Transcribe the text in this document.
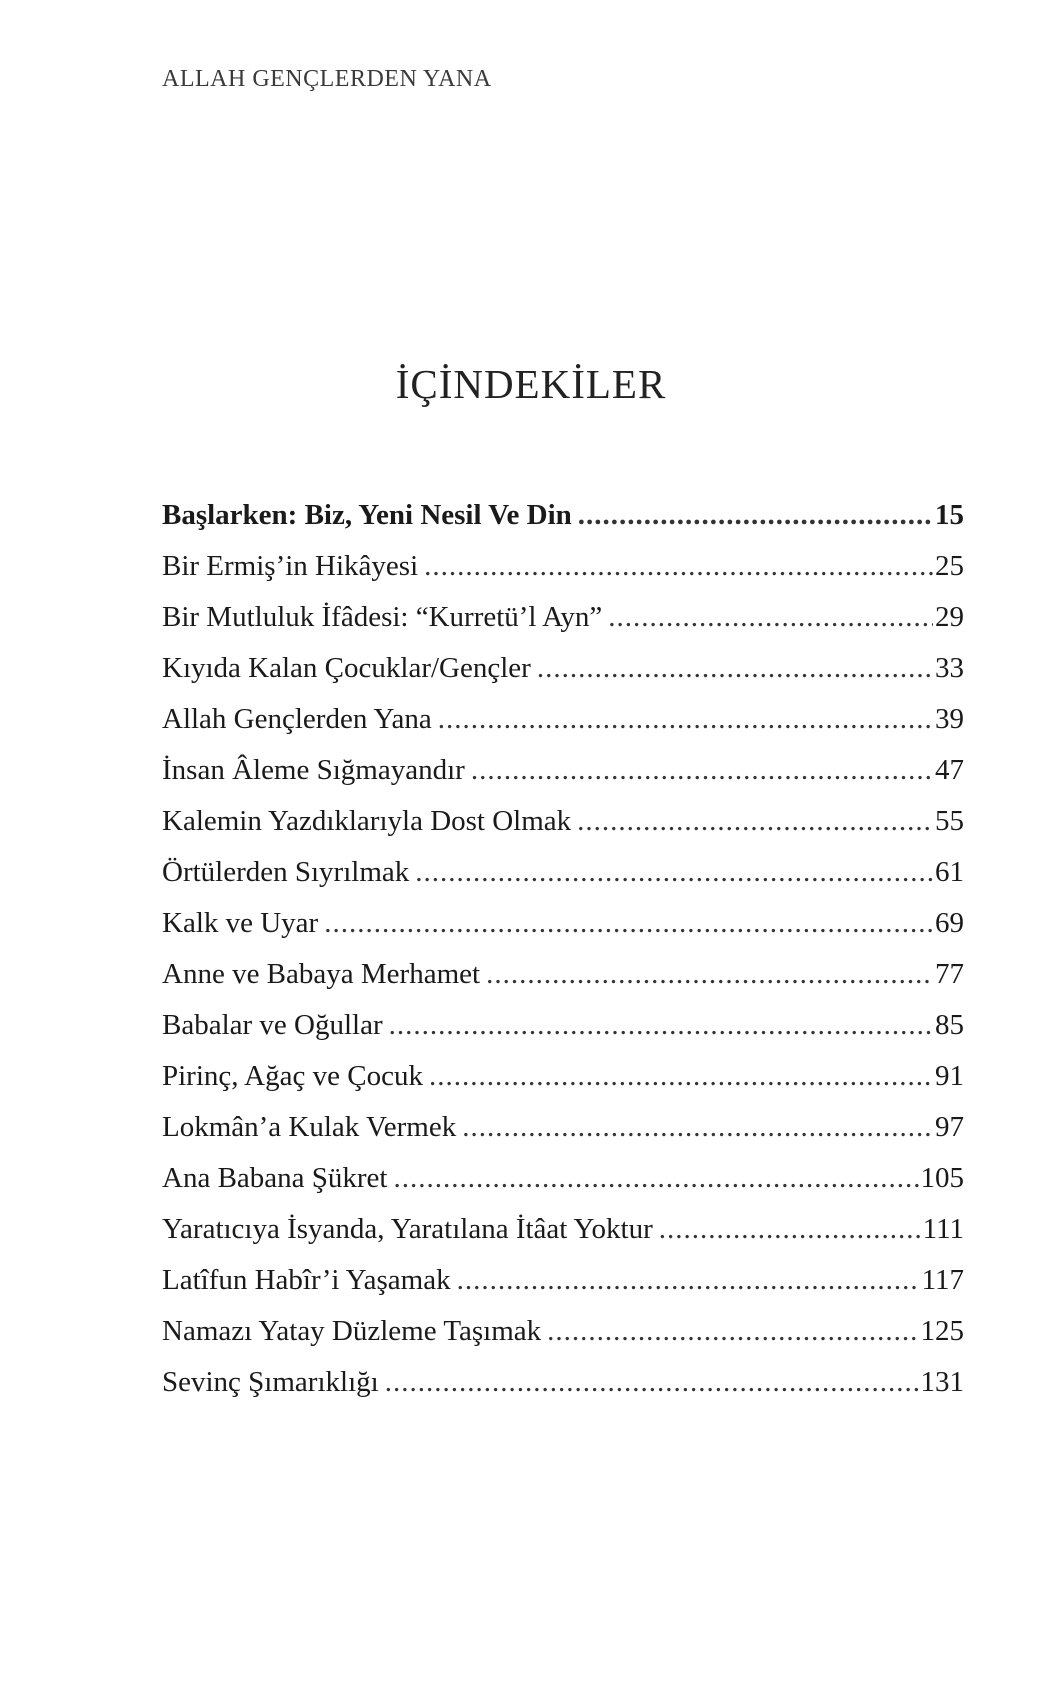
ALLAH GENÇLERDEN YANA
İÇİNDEKİLER
Başlarken: Biz, Yeni Nesil Ve Din .....	15
Bir Ermiş’in Hikâyesi .....	25
Bir Mutluluk İfâdesi: “Kurretü’l Ayn” .....	29
Kıyıda Kalan Çocuklar/Gençler .....	33
Allah Gençlerden Yana .....	39
İnsan Âleme Sığmayandır .....	47
Kalemin Yazdıklarıyla Dost Olmak .....	55
Örtülerden Sıyrılmak .....	61
Kalk ve Uyar .....	69
Anne ve Babaya Merhamet .....	77
Babalar ve Oğullar .....	85
Pirinç, Ağaç ve Çocuk .....	91
Lokmân’a Kulak Vermek .....	97
Ana Babana Şükret .....	105
Yaratıcıya İsyanda, Yaratılana İtâat Yoktur .....	111
Latîfun Habîr’i Yaşamak .....	117
Namazı Yatay Düzleme Taşımak .....	125
Sevinç Şımarıklığı .....	131
